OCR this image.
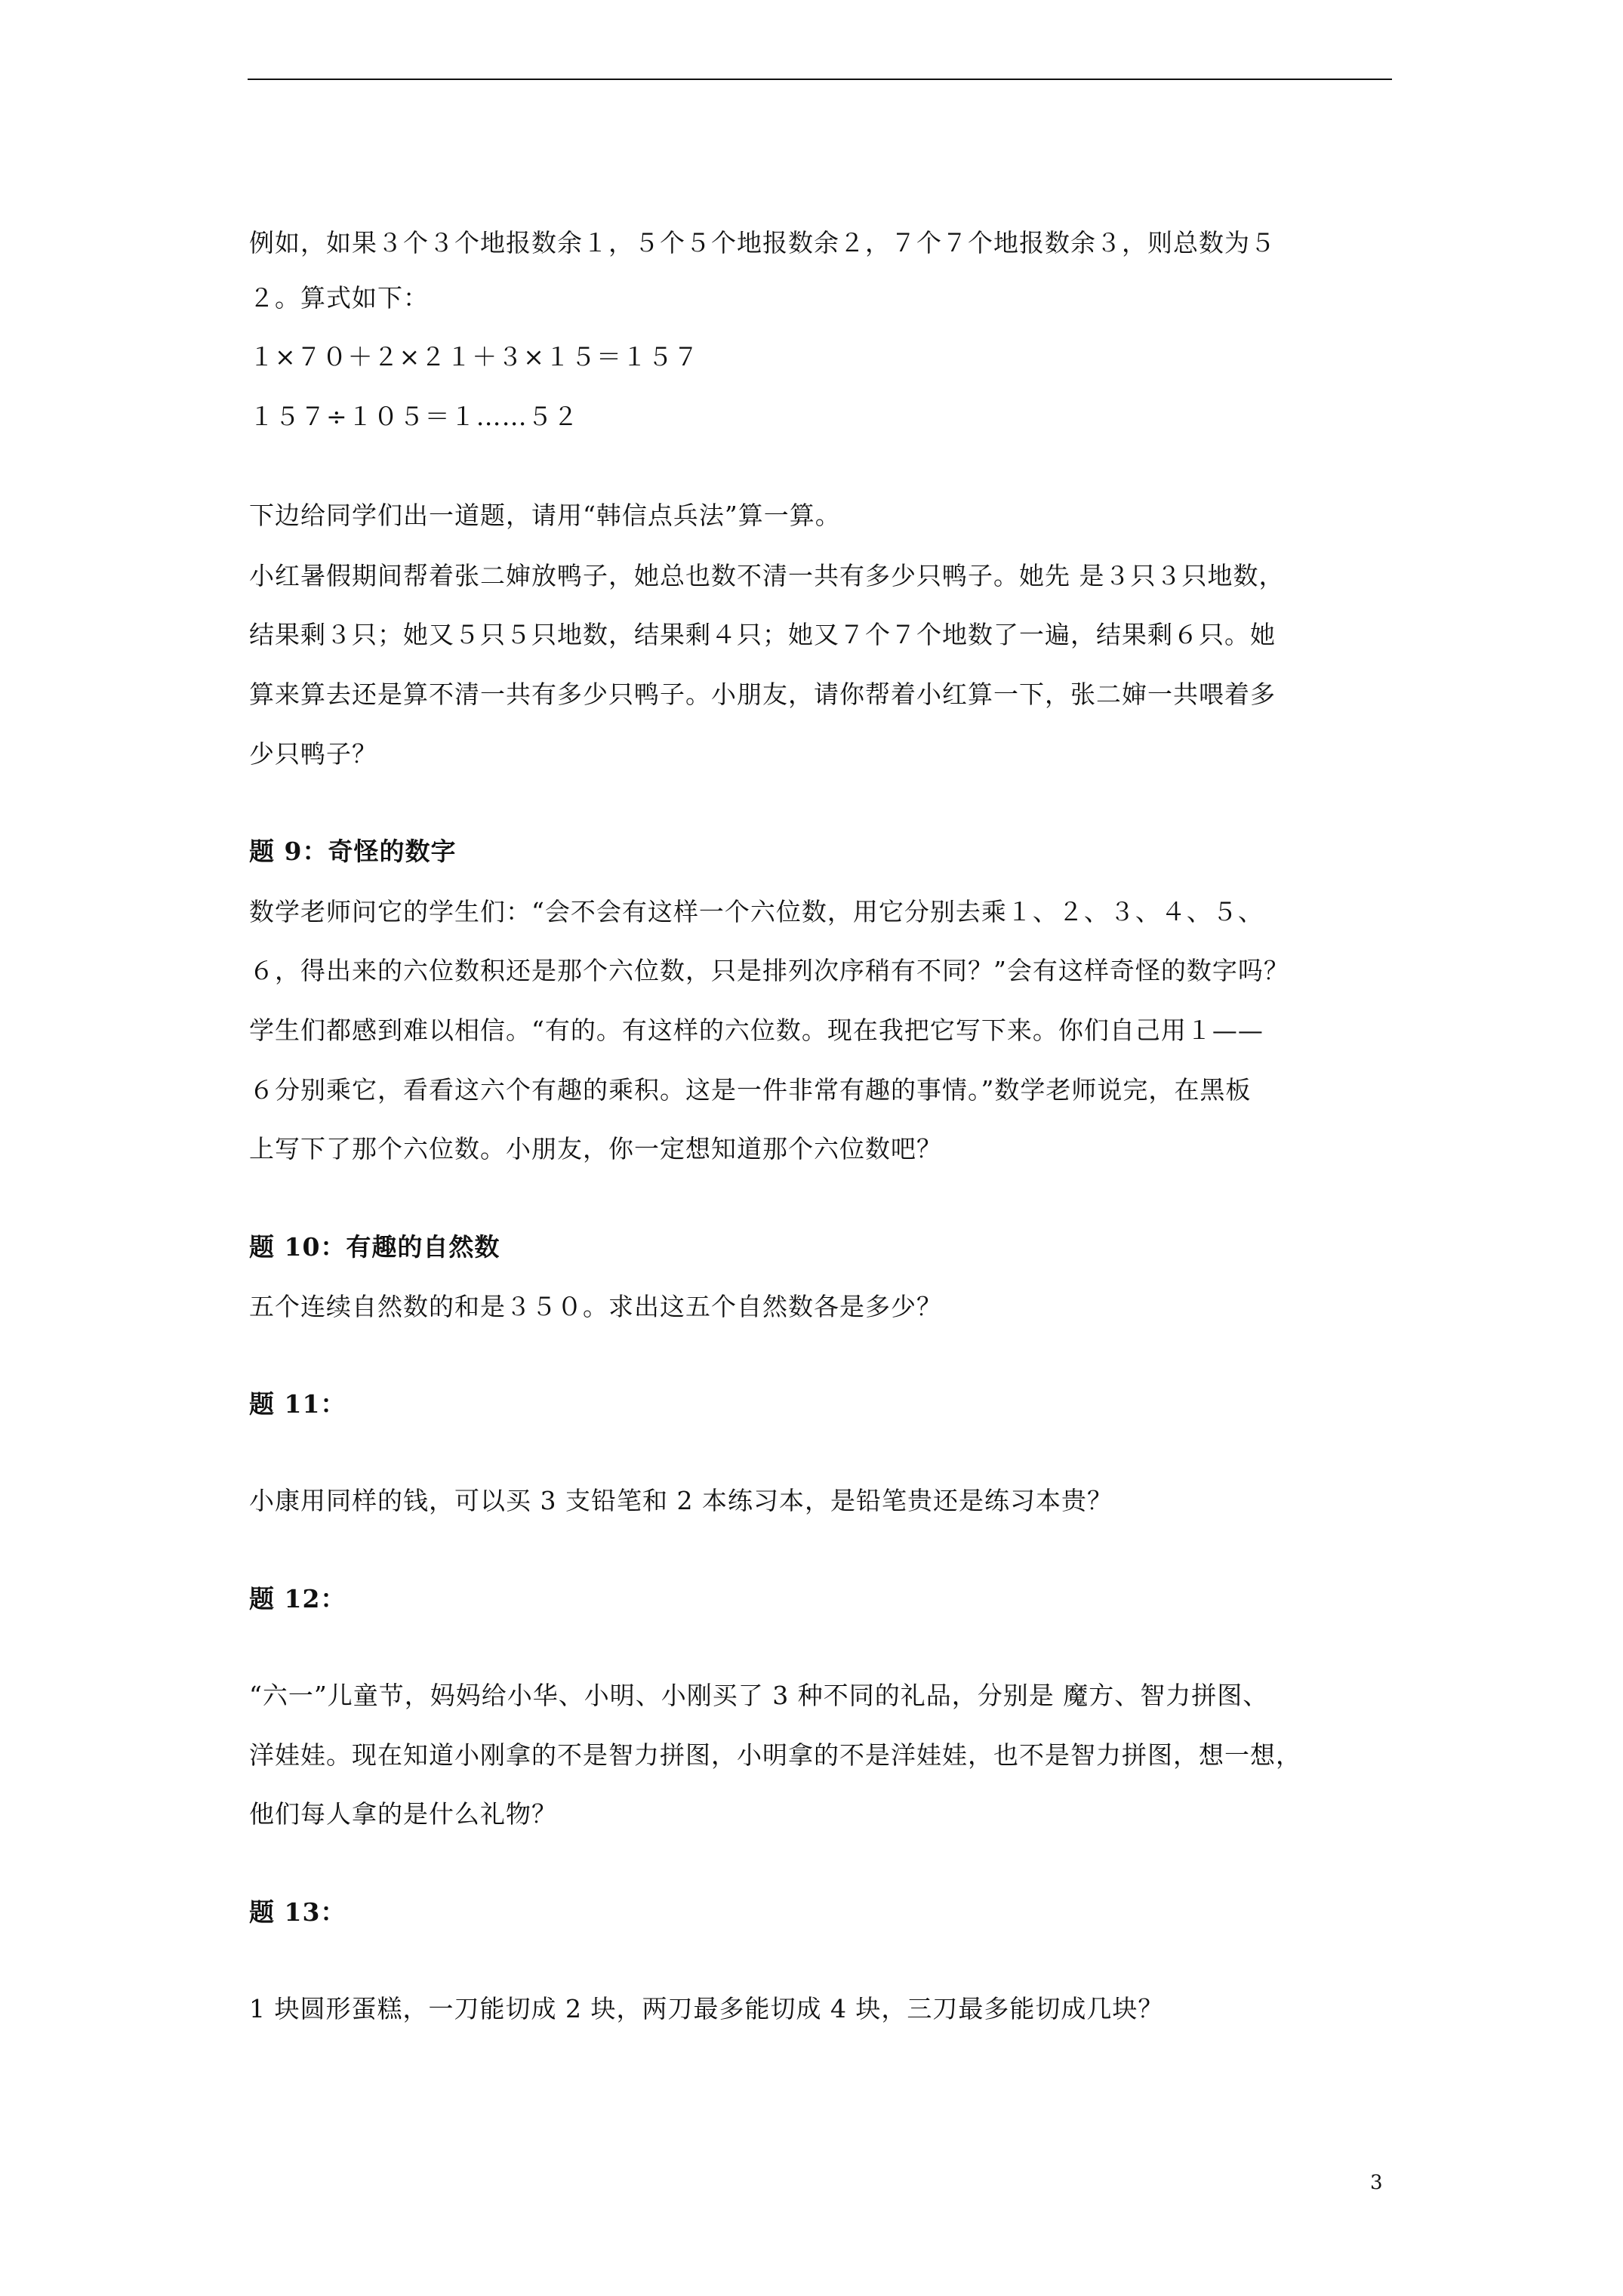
例如，如果３个３个地报数余１，５个５个地报数余２，７个７个地报数余３，则总数为５
２。算式如下：
１×７０＋２×２１＋３×１５＝１５７
１５７÷１０５＝１……５２
下边给同学们出一道题，请用“韩信点兵法”算一算。
小红暑假期间帮着张二婶放鸭子，她总也数不清一共有多少只鸭子。她先 是３只３只地数，
结果剩３只；她又５只５只地数，结果剩４只；她又７个７个地数了一遍，结果剩６只。她
算来算去还是算不清一共有多少只鸭子。小朋友，请你帮着小红算一下，张二婶一共喂着多
少只鸭子？
题 9：奇怪的数字
数学老师问它的学生们：“会不会有这样一个六位数，用它分别去乘１、２、３、４、５、
６，得出来的六位数积还是那个六位数，只是排列次序稍有不同？”会有这样奇怪的数字吗？
学生们都感到难以相信。“有的。有这样的六位数。现在我把它写下来。你们自己用１——
６分别乘它，看看这六个有趣的乘积。这是一件非常有趣的事情。”数学老师说完，在黑板
上写下了那个六位数。小朋友，你一定想知道那个六位数吧？
题 10：有趣的自然数
五个连续自然数的和是３５０。求出这五个自然数各是多少？
题 11：
小康用同样的钱，可以买 3 支铅笔和 2 本练习本，是铅笔贵还是练习本贵？
题 12：
“六一”儿童节，妈妈给小华、小明、小刚买了 3 种不同的礼品，分别是 魔方、智力拼图、
洋娃娃。现在知道小刚拿的不是智力拼图，小明拿的不是洋娃娃，也不是智力拼图，想一想，
他们每人拿的是什么礼物？
题 13：
1 块圆形蛋糕，一刀能切成 2 块，两刀最多能切成 4 块，三刀最多能切成几块？
3
